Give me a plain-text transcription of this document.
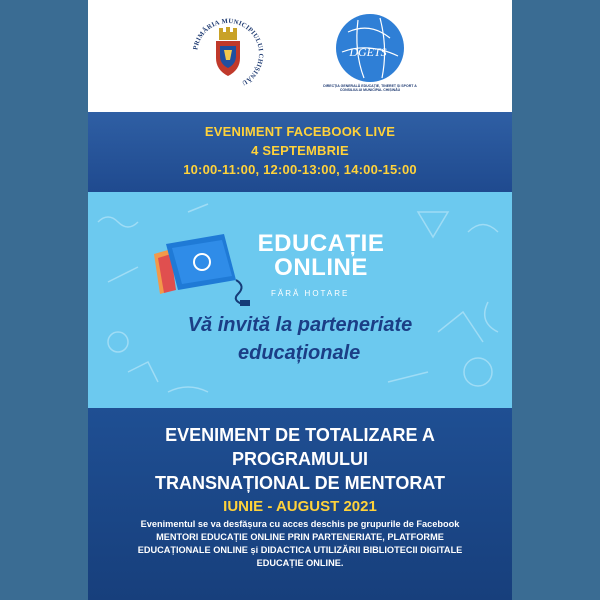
PRIMĂRIA MUNICIPIULUI CHIȘINĂU
DGETS
DIRECȚIA GENERALĂ EDUCAȚIE, TINERET ȘI SPORT A CONSILIULUI MUNICIPAL CHIȘINĂU
EVENIMENT FACEBOOK LIVE
4 SEPTEMBRIE
10:00-11:00, 12:00-13:00, 14:00-15:00
EDUCAȚIE
ONLINE
FĂRĂ HOTARE
Vă invită la parteneriate
educaționale
EVENIMENT DE TOTALIZARE A
PROGRAMULUI
TRANSNAȚIONAL DE MENTORAT
IUNIE - AUGUST 2021
Evenimentul se va desfășura cu acces deschis pe grupurile de Facebook
MENTORI EDUCAȚIE ONLINE PRIN PARTENERIATE, PLATFORME
EDUCAȚIONALE ONLINE și DIDACTICA UTILIZĂRII BIBLIOTECII DIGITALE
EDUCAȚIE ONLINE.
